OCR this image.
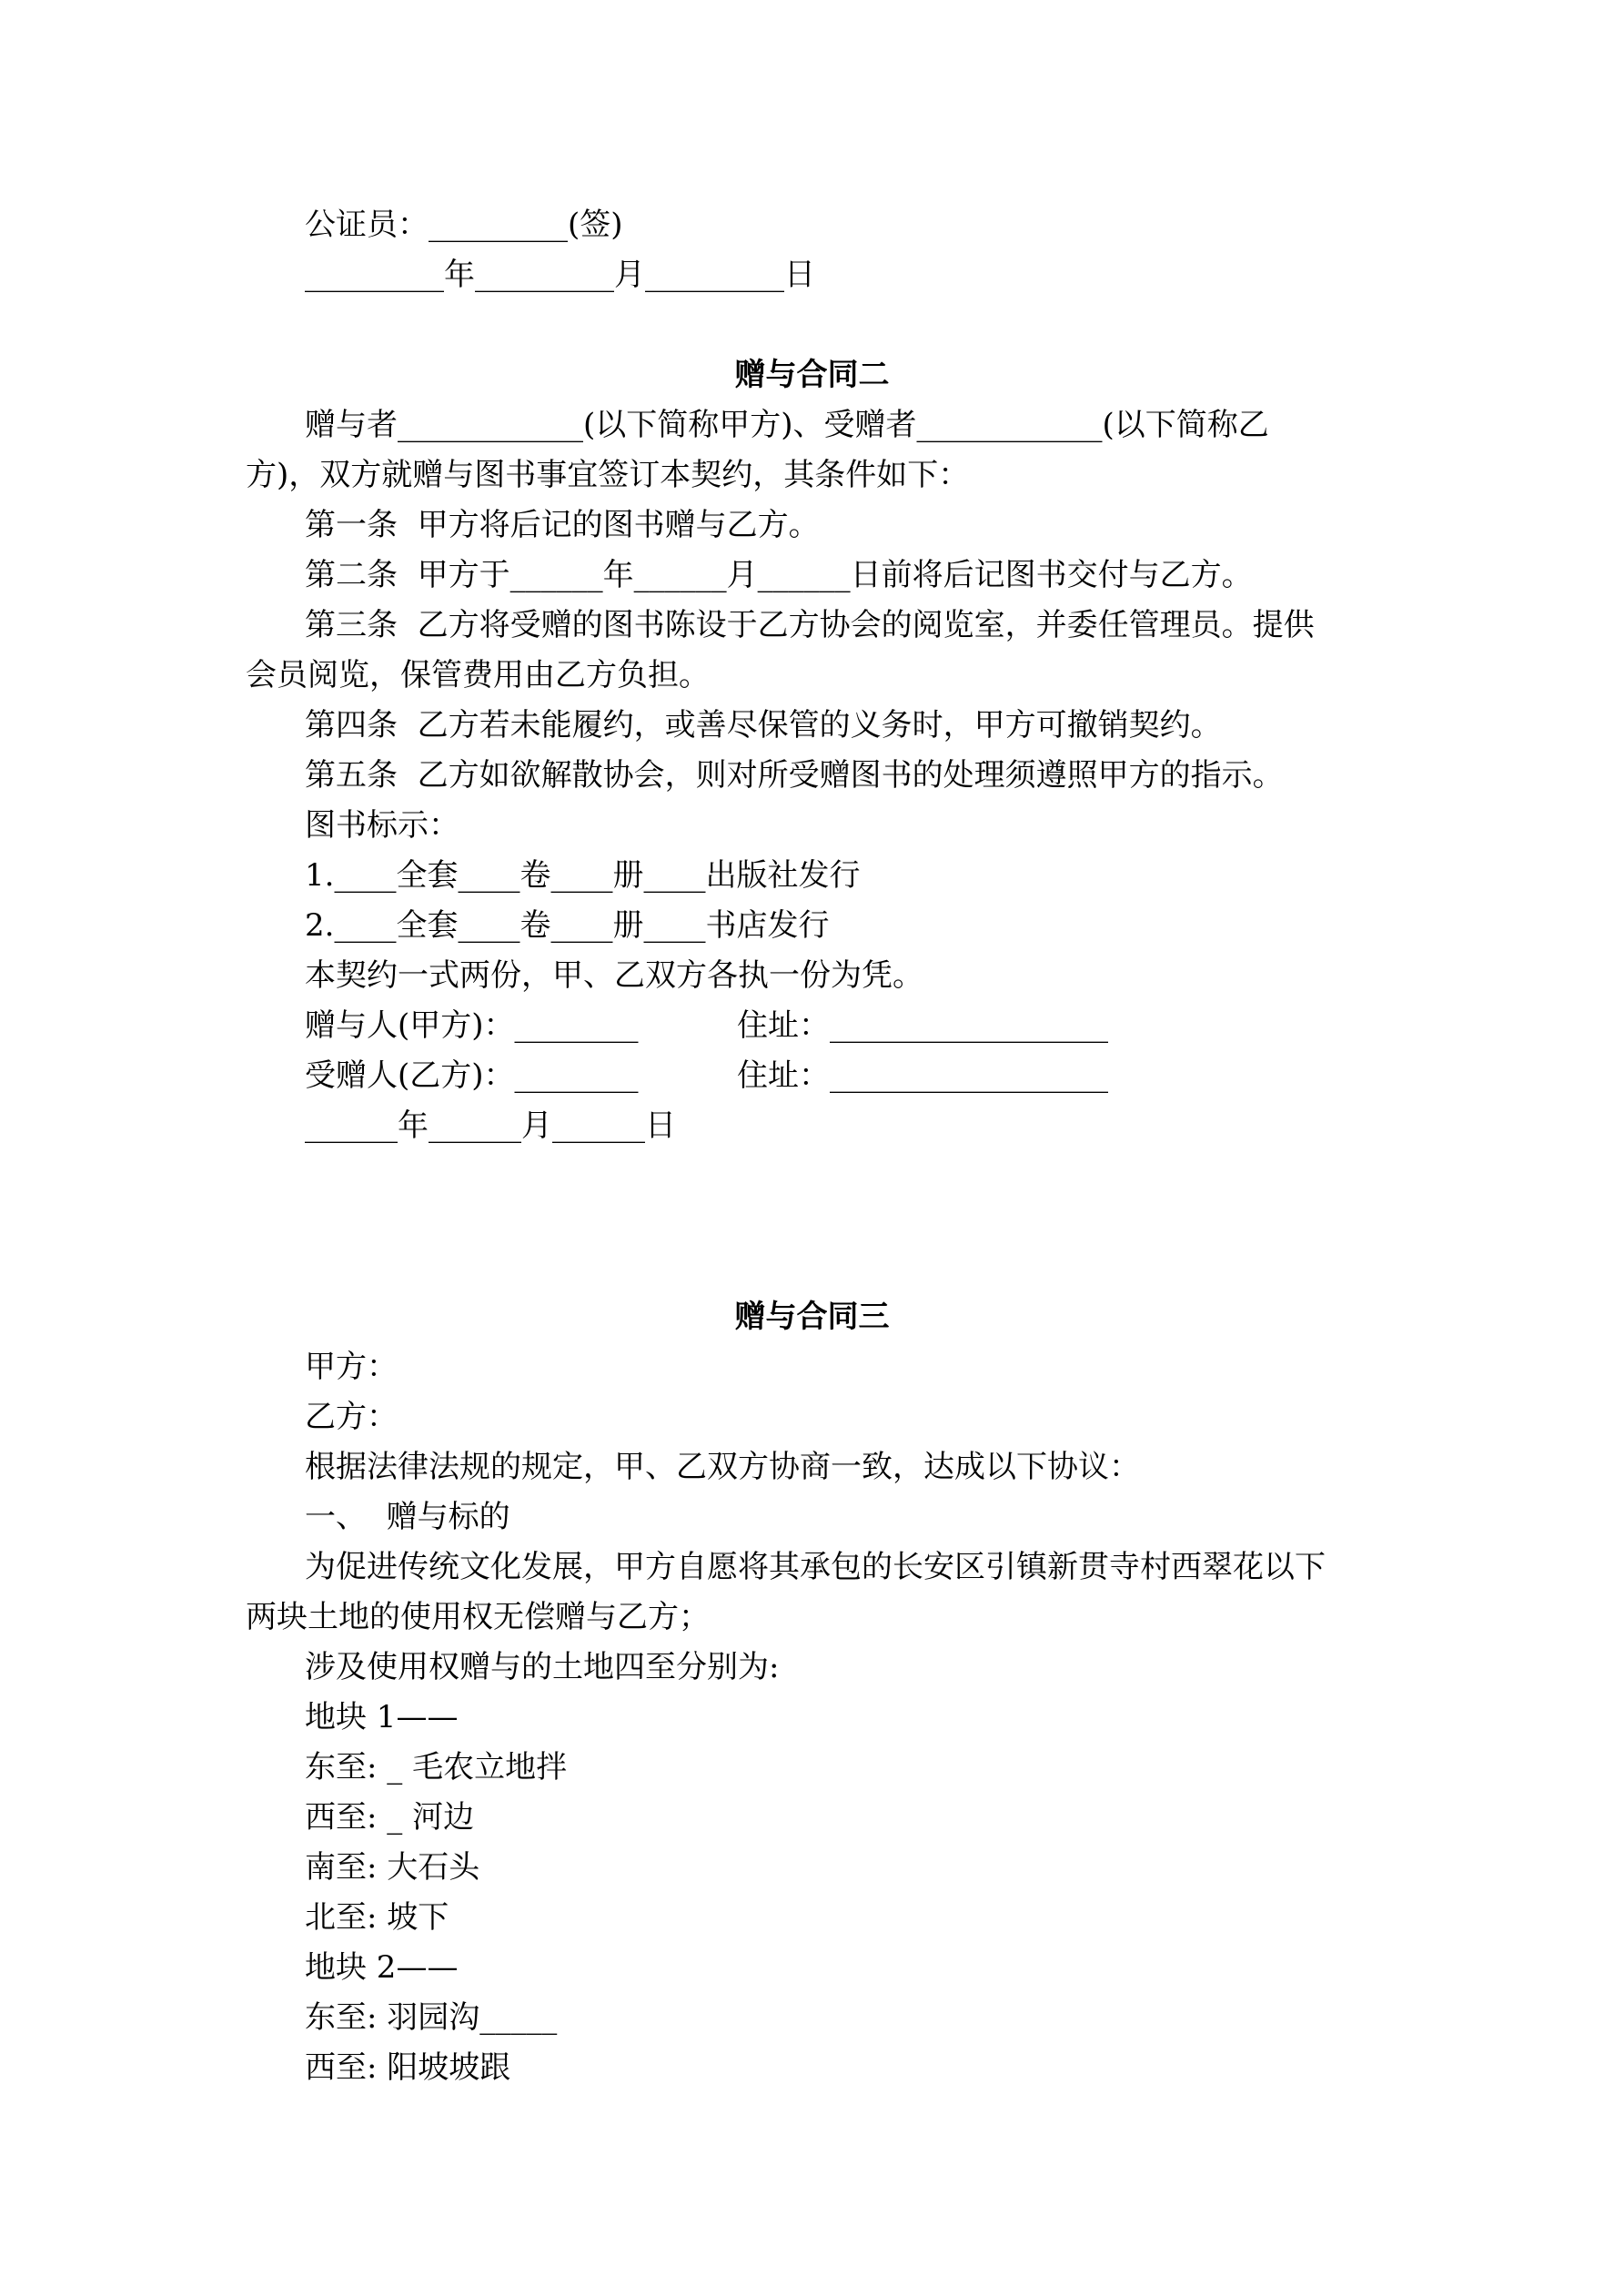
公证员：_________(签)
_________年_________月_________日
赠与合同二
赠与者____________(以下简称甲方)、受赠者____________(以下简称乙
方)，双方就赠与图书事宜签订本契约，其条件如下：
第一条  甲方将后记的图书赠与乙方。
第二条  甲方于______年______月______日前将后记图书交付与乙方。
第三条  乙方将受赠的图书陈设于乙方协会的阅览室，并委任管理员。提供
会员阅览，保管费用由乙方负担。
第四条  乙方若未能履约，或善尽保管的义务时，甲方可撤销契约。
第五条  乙方如欲解散协会，则对所受赠图书的处理须遵照甲方的指示。
图书标示：
1.____全套____卷____册____出版社发行
2.____全套____卷____册____书店发行
本契约一式两份，甲、乙双方各执一份为凭。
赠与人(甲方)：________	住址：__________________
受赠人(乙方)：________	住址：__________________
______年______月______日
赠与合同三
甲方：
乙方：
根据法律法规的规定，甲、乙双方协商一致，达成以下协议：
一、  赠与标的
为促进传统文化发展，甲方自愿将其承包的长安区引镇新贯寺村西翠花以下
两块土地的使用权无偿赠与乙方；
涉及使用权赠与的土地四至分别为:
地块 1——
东至: _ 毛农立地拌
西至: _ 河边
南至: 大石头
北至: 坡下
地块 2——
东至: 羽园沟_____
西至: 阳坡坡跟
